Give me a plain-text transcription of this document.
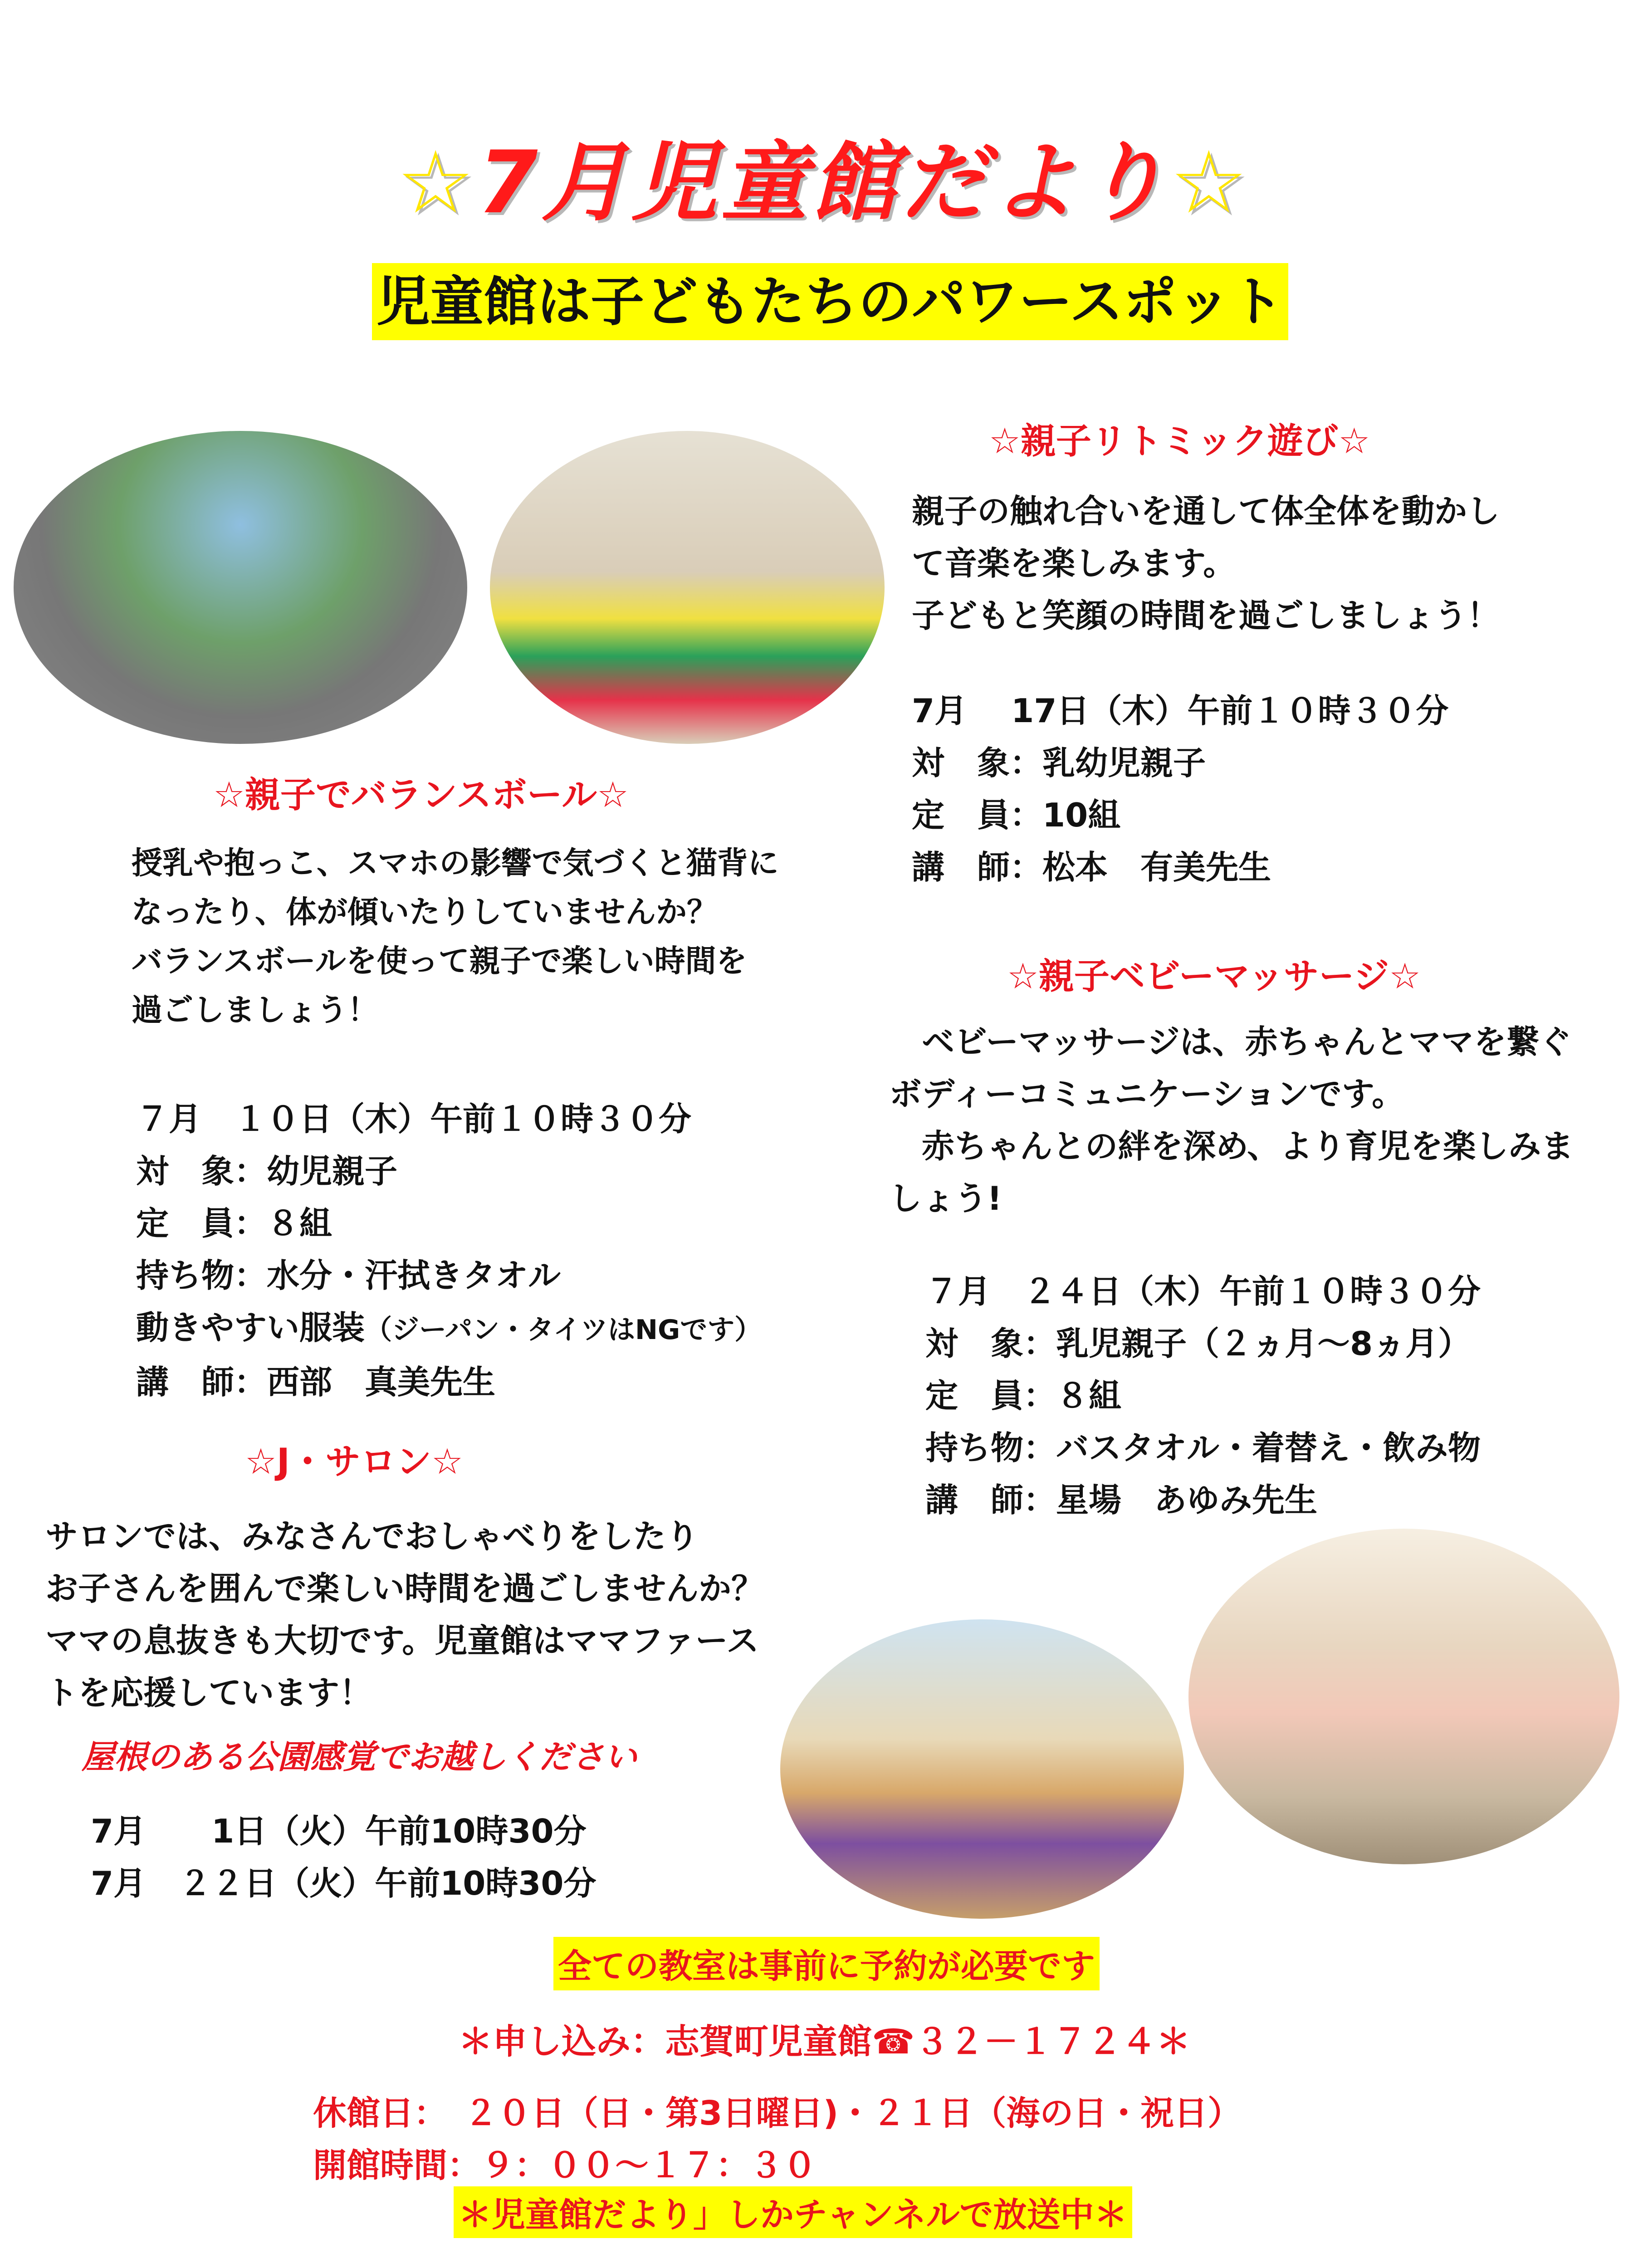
☆7月児童館だより☆
児童館は子どもたちのパワースポット
☆親子でバランスボール☆
授乳や抱っこ、スマホの影響で気づくと猫背に
なったり、体が傾いたりしていませんか？
バランスボールを使って親子で楽しい時間を
過ごしましょう！
７月　１０日（木）午前１０時３０分
対　象：幼児親子
定　員：８組
持ち物：水分・汗拭きタオル
動きやすい服装（ジーパン・タイツはNGです）
講　師：西部　真美先生
☆J・サロン☆
サロンでは、みなさんでおしゃべりをしたり
お子さんを囲んで楽しい時間を過ごしませんか？
ママの息抜きも大切です。児童館はママファース
トを応援しています！
屋根のある公園感覚でお越しください
7月　　1日（火）午前10時30分
7月　２２日（火）午前10時30分
☆親子リトミック遊び☆
親子の触れ合いを通して体全体を動かし
て音楽を楽しみます。
子どもと笑顔の時間を過ごしましょう！
7月　 17日（木）午前１０時３０分
対　象：乳幼児親子
定　員：10組
講　師：松本　有美先生
☆親子ベビーマッサージ☆
　ベビーマッサージは、赤ちゃんとママを繋ぐ
ボディーコミュニケーションです。
　赤ちゃんとの絆を深め、より育児を楽しみま
しょう!
７月　２４日（木）午前１０時３０分
対　象：乳児親子（２ヵ月～8ヵ月）
定　員：８組
持ち物：バスタオル・着替え・飲み物
講　師：星場　あゆみ先生
全ての教室は事前に予約が必要です
＊申し込み：志賀町児童館☎３２－１７２４＊
休館日：　２０日（日・第3日曜日)・２１日（海の日・祝日）
開館時間：９：００～１７：３０
＊児童館だより」しかチャンネルで放送中＊
